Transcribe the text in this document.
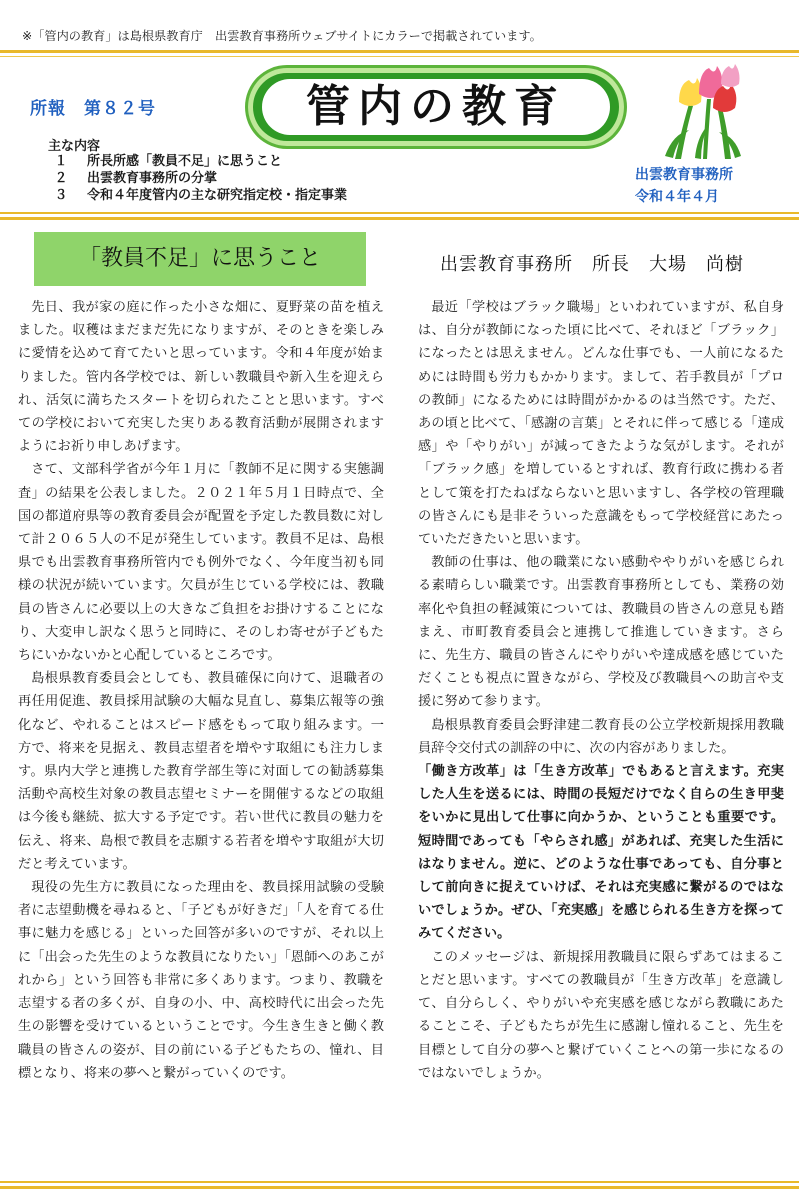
※「管内の教育」は島根県教育庁　出雲教育事務所ウェブサイトにカラーで掲載されています。
所報　第８２号	管内の教育
主な内容
１　 所長所感「教員不足」に思うこと
２　 出雲教育事務所の分掌
３　 令和４年度管内の主な研究指定校・指定事業
出雲教育事務所
令和４年４月
「教員不足」に思うこと	出雲教育事務所　所長　大場　尚樹

先日、我が家の庭に作った小さな畑に、夏野菜の苗を植えました。収穫はまだまだ先になりますが、そのときを楽しみに愛情を込めて育てたいと思っています。令和４年度が始まりました。管内各学校では、新しい教職員や新入生を迎えられ、活気に満ちたスタートを切られたことと思います。すべての学校において充実した実りある教育活動が展開されますようにお祈り申しあげます。

さて、文部科学省が今年１月に「教師不足に関する実態調査」の結果を公表しました。２０２１年５月１日時点で、全国の都道府県等の教育委員会が配置を予定した教員数に対して計２０６５人の不足が発生しています。教員不足は、島根県でも出雲教育事務所管内でも例外でなく、今年度当初も同様の状況が続いています。欠員が生じている学校には、教職員の皆さんに必要以上の大きなご負担をお掛けすることになり、大変申し訳なく思うと同時に、そのしわ寄せが子どもたちにいかないかと心配しているところです。

島根県教育委員会としても、教員確保に向けて、退職者の再任用促進、教員採用試験の大幅な見直し、募集広報等の強化など、やれることはスピード感をもって取り組みます。一方で、将来を見据え、教員志望者を増やす取組にも注力します。県内大学と連携した教育学部生等に対面しての勧誘募集活動や高校生対象の教員志望セミナーを開催するなどの取組は今後も継続、拡大する予定です。若い世代に教員の魅力を伝え、将来、島根で教員を志願する若者を増やす取組が大切だと考えています。

現役の先生方に教員になった理由を、教員採用試験の受験者に志望動機を尋ねると、「子どもが好きだ」「人を育てる仕事に魅力を感じる」といった回答が多いのですが、それ以上に「出会った先生のような教員になりたい」「恩師へのあこがれから」という回答も非常に多くあります。つまり、教職を志望する者の多くが、自身の小、中、高校時代に出会った先生の影響を受けているということです。今生き生きと働く教職員の皆さんの姿が、目の前にいる子どもたちの、憧れ、目標となり、将来の夢へと繋がっていくのです。

最近「学校はブラック職場」といわれていますが、私自身は、自分が教師になった頃に比べて、それほど「ブラック」になったとは思えません。どんな仕事でも、一人前になるためには時間も労力もかかります。まして、若手教員が「プロの教師」になるためには時間がかかるのは当然です。ただ、あの頃と比べて、「感謝の言葉」とそれに伴って感じる「達成感」や「やりがい」が減ってきたような気がします。それが「ブラック感」を増しているとすれば、教育行政に携わる者として策を打たねばならないと思いますし、各学校の管理職の皆さんにも是非そういった意識をもって学校経営にあたっていただきたいと思います。

教師の仕事は、他の職業にない感動ややりがいを感じられる素晴らしい職業です。出雲教育事務所としても、業務の効率化や負担の軽減策については、教職員の皆さんの意見も踏まえ、市町教育委員会と連携して推進していきます。さらに、先生方、職員の皆さんにやりがいや達成感を感じていただくことも視点に置きながら、学校及び教職員への助言や支援に努めて参ります。

島根県教育委員会野津建二教育長の公立学校新規採用教職員辞令交付式の訓辞の中に、次の内容がありました。

「働き方改革」は「生き方改革」でもあると言えます。充実した人生を送るには、時間の長短だけでなく自らの生き甲斐をいかに見出して仕事に向かうか、ということも重要です。短時間であっても「やらされ感」があれば、充実した生活にはなりません。逆に、どのような仕事であっても、自分事として前向きに捉えていけば、それは充実感に繋がるのではないでしょうか。ぜひ、「充実感」を感じられる生き方を探ってみてください。

このメッセージは、新規採用教職員に限らずあてはまることだと思います。すべての教職員が「生き方改革」を意識して、自分らしく、やりがいや充実感を感じながら教職にあたることこそ、子どもたちが先生に感謝し憧れること、先生を目標として自分の夢へと繋げていくことへの第一歩になるのではないでしょうか。
